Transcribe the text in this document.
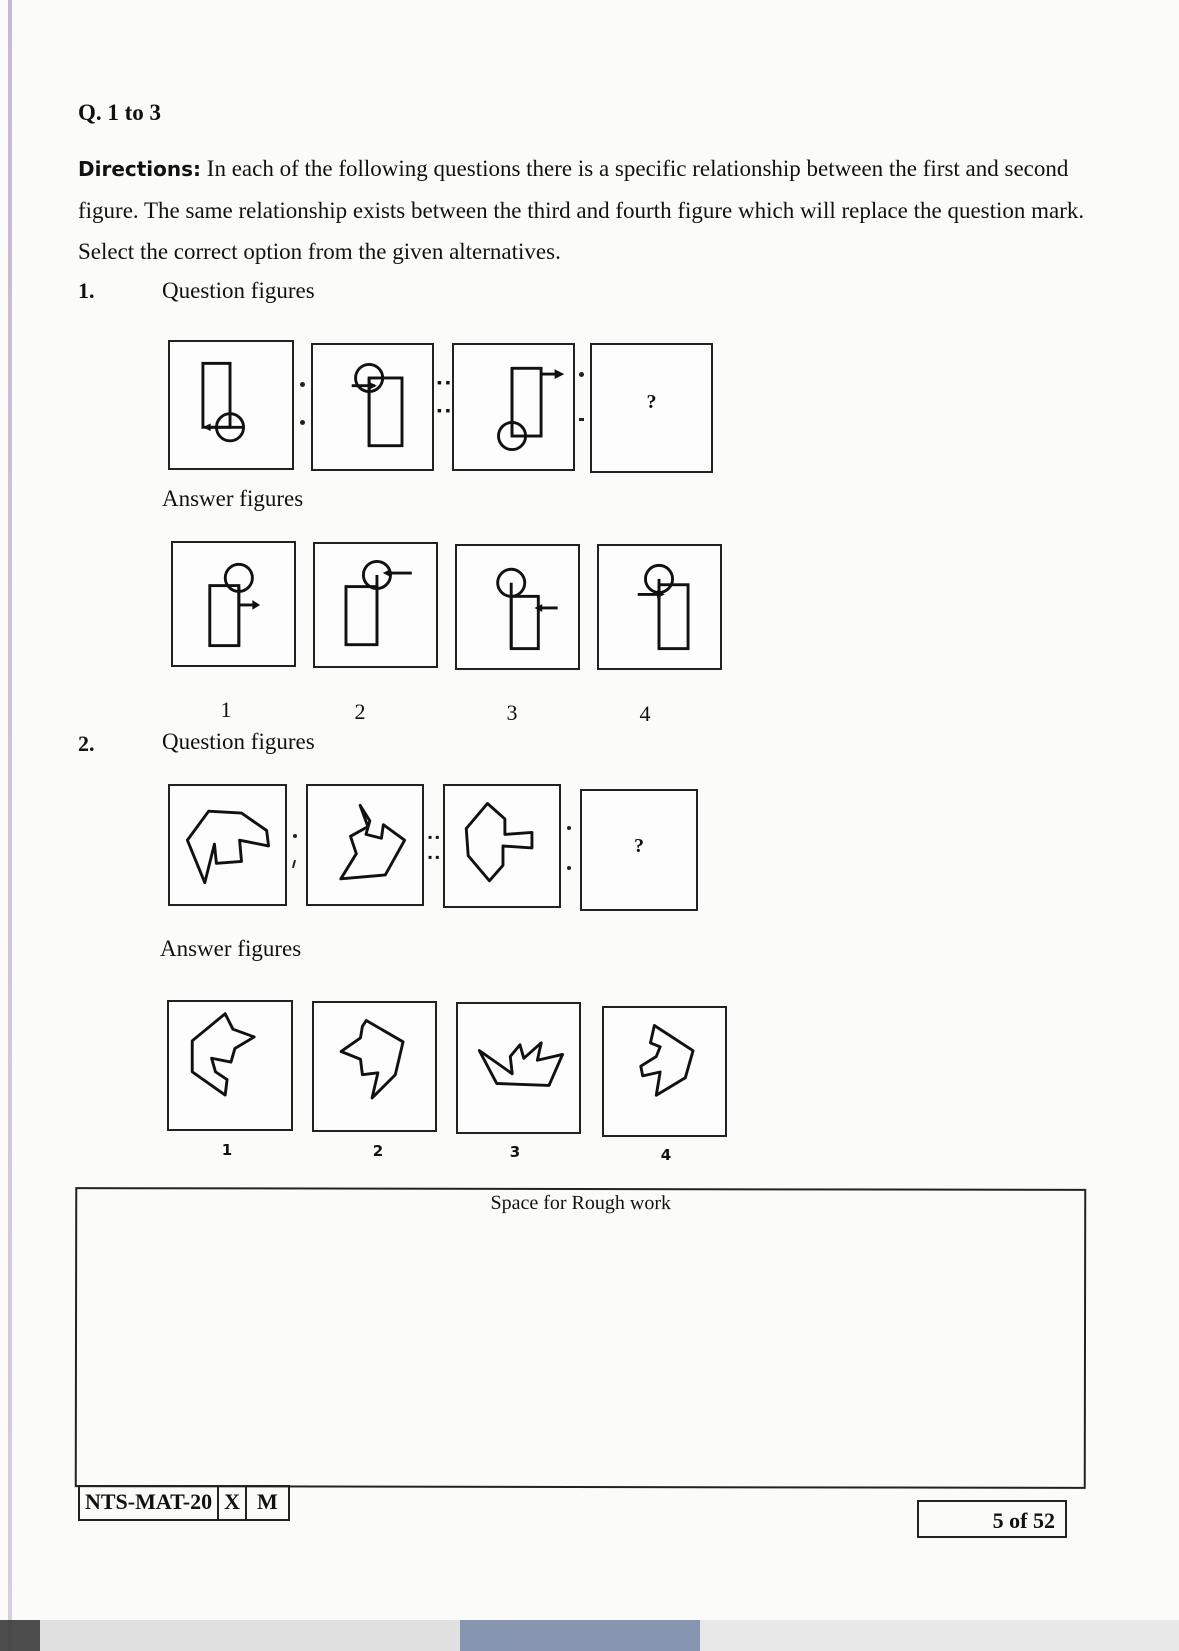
Q. 1 to 3
Directions: In each of the following questions there is a specific relationship between the first and second figure. The same relationship exists between the third and fourth figure which will replace the question mark. Select the correct option from the given alternatives.
1.	Question figures
▪ ▪
▪ ▪	?
Answer figures
1	2	3	4
2.	Question figures
▪ ▪
▪ ▪	?
Answer figures
1	2	3	4
Space for Rough work
NTS-MAT-20 X M
5 of 52
